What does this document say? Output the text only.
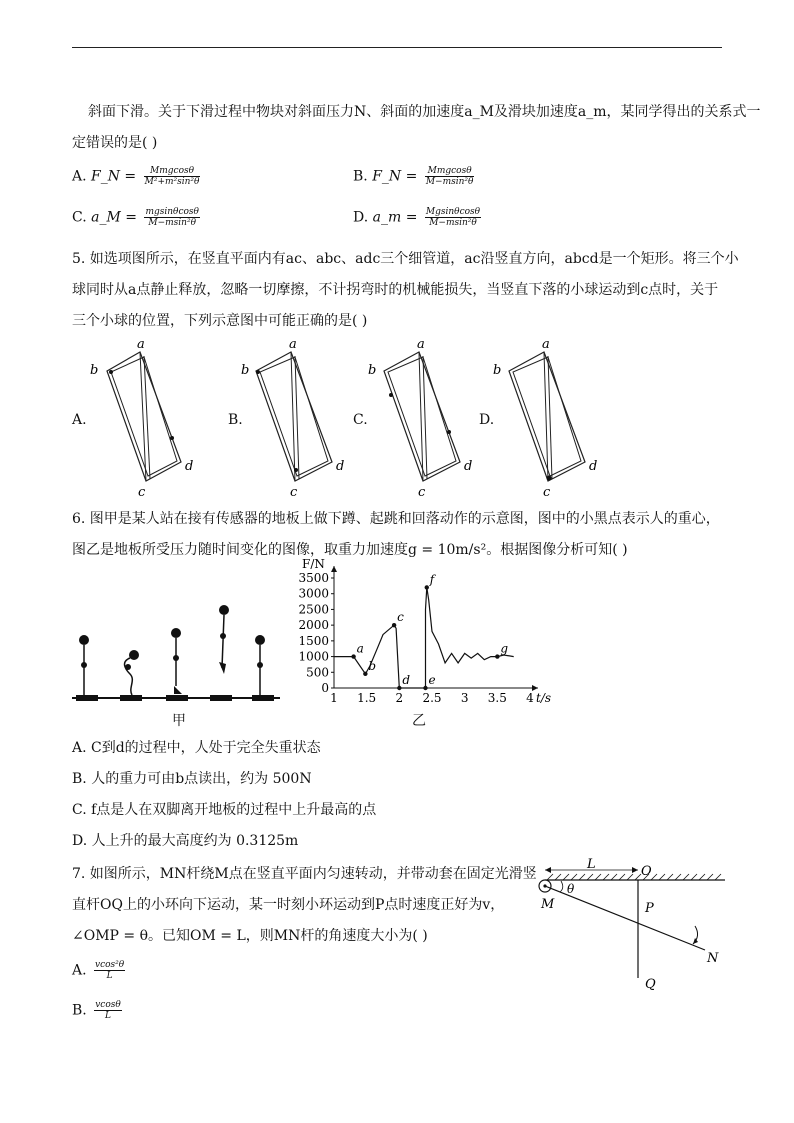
斜面下滑。关于下滑过程中物块对斜面压力N、斜面的加速度a_M及滑块加速度a_m，某同学得出的关系式一
定错误的是( )
A. F_N = $\frac{\text{Mmgcosθ}}{\text{M²+m²sin²θ}}$	B. F_N = $\frac{\text{Mmgcosθ}}{\text{M−msin²θ}}$
C. a_M = $\frac{mgsin\theta\cos\theta}{\text{M−msin²θ}}$	D. a_m = $\frac{Mgsin\theta\cos\theta}{\text{M−msin²θ}}$
5. 如选项图所示，在竖直平面内有ac、abc、adc三个细管道，ac沿竖直方向，abcd是一个矩形。将三个小
球同时从a点静止释放，忽略一切摩擦，不计拐弯时的机械能损失，当竖直下落的小球运动到c点时，关于
三个小球的位置，下列示意图中可能正确的是( )
A.	B.	C.	D.
a
b
c
d
a
b
c
d
a
b
c
d
a
b
c
d
6. 图甲是某人站在接有传感器的地板上做下蹲、起跳和回落动作的示意图，图中的小黑点表示人的重心，
图乙是地板所受压力随时间变化的图像，取重力加速度g = 10m/s²。根据图像分析可知( )
甲
F/N
0
500
1000
1500
2000
2500
3000
3500
1 1.5 2 2.5 3 3.5 4 t/s
a
b
c
d e
f
g
乙
A. C到d的过程中，人处于完全失重状态
B. 人的重力可由b点读出，约为 500N
C. f点是人在双脚离开地板的过程中上升最高的点
D. 人上升的最大高度约为 0.3125m
7. 如图所示，MN杆绕M点在竖直平面内匀速转动，并带动套在固定光滑竖
直杆OQ上的小环向下运动，某一时刻小环运动到P点时速度正好为v，
∠OMP = θ。已知OM = L，则MN杆的角速度大小为( )
A. $\frac{\text{vcos²θ}}{L}$
B. $\frac{vcos\theta}{L}$
L	O
P
Q
M
N
θ
